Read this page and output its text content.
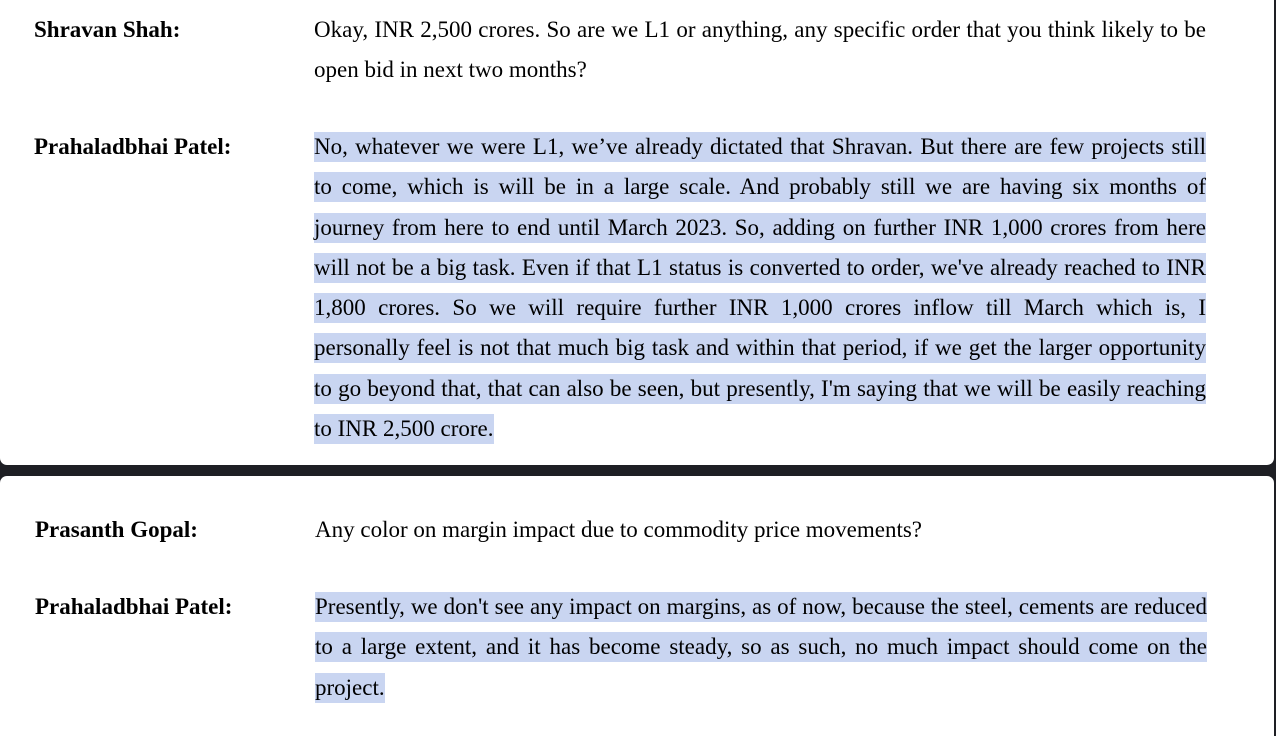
Shravan Shah:	Okay, INR 2,500 crores. So are we L1 or anything, any specific order that you think likely to be open bid in next two months?
Prahaladbhai Patel:	No, whatever we were L1, we’ve already dictated that Shravan. But there are few projects still to come, which is will be in a large scale. And probably still we are having six months of journey from here to end until March 2023. So, adding on further INR 1,000 crores from here will not be a big task. Even if that L1 status is converted to order, we've already reached to INR 1,800 crores. So we will require further INR 1,000 crores inflow till March which is, I personally feel is not that much big task and within that period, if we get the larger opportunity to go beyond that, that can also be seen, but presently, I'm saying that we will be easily reaching to INR 2,500 crore.
Prasanth Gopal:	Any color on margin impact due to commodity price movements?
Prahaladbhai Patel:	Presently, we don't see any impact on margins, as of now, because the steel, cements are reduced to a large extent, and it has become steady, so as such, no much impact should come on the project.
